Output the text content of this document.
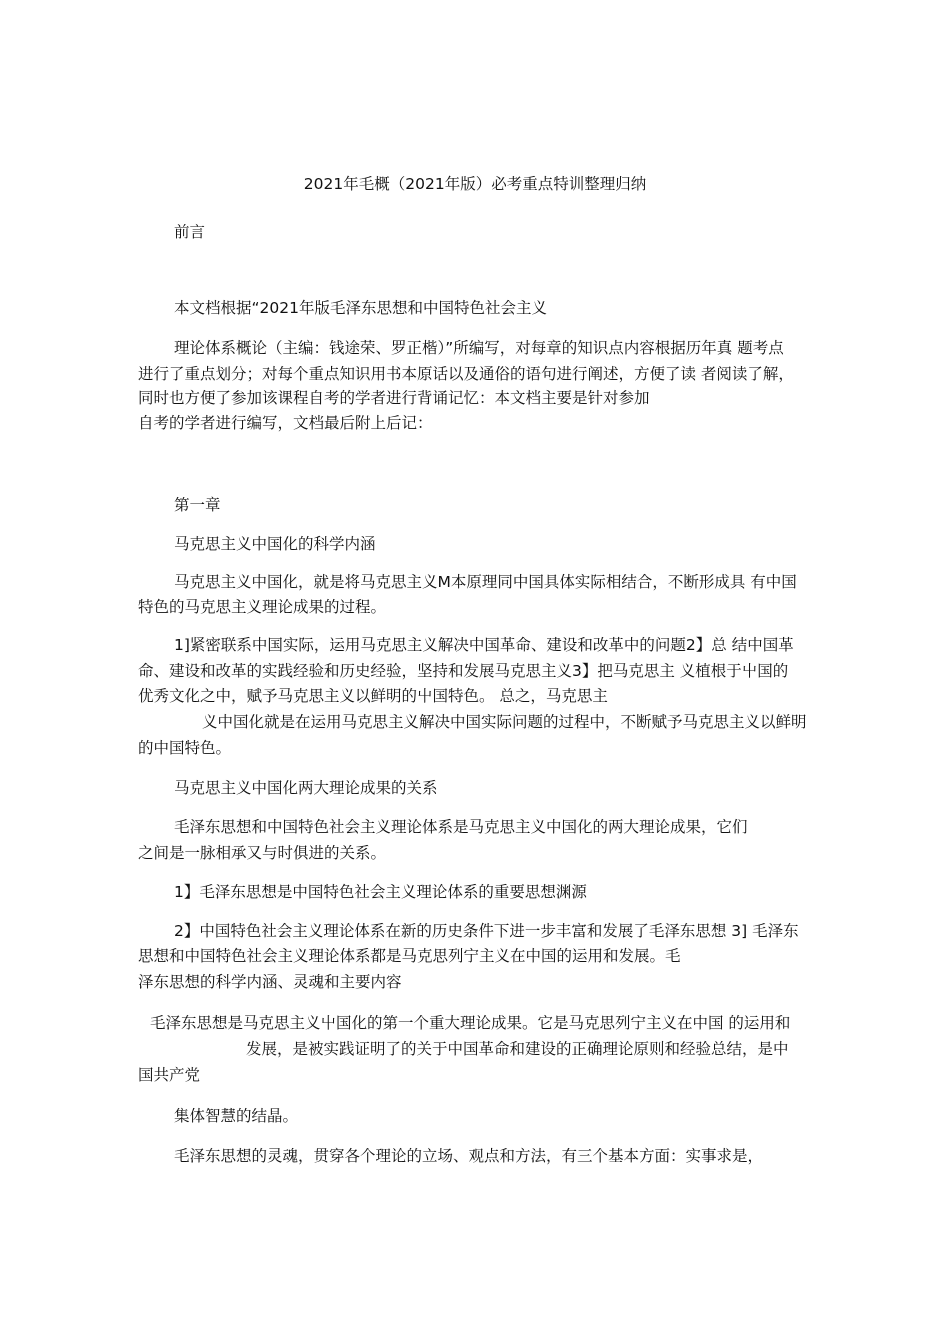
2021年毛概（2021年版）必考重点特训整理归纳
前言
本文档根据“2021年版毛泽东思想和中国特色社会主义
理论体系概论（主编：钱途荣、罗正楷）”所编写，对每章的知识点内容根据历年真 题考点
进行了重点划分；对每个重点知识用书本原话以及通俗的语句进行阐述，方便了读 者阅读了解，
同时也方便了参加该课程自考的学者进行背诵记忆：本文档主要是针对参加
自考的学者进行编写，文档最后附上后记：
第一章
马克思主义中国化的科学内涵
马克思主义中国化，就是将马克思主义M本原理同中国具体实际相结合，不断形成具 有中国
特色的马克思主义理论成果的过程。
1]紧密联系中国实际，运用马克思主义解决中国革命、建设和改革中的问题2】总 结中国革
命、建设和改革的实践经验和历史经验，坚持和发展马克思主义3】把马克思主 义植根于屮国的
优秀文化之中，赋予马克思主义以鲜明的屮国特色。 总之，马克思主
义中国化就是在运用马克思主义解决中国实际问题的过程中，不断赋予马克思主义以鲜明
的中国特色。
马克思主义中国化两大理论成果的关系
毛泽东思想和中国特色社会主义理论体系是马克思主义中国化的两大理论成果，它们
之间是一脉相承又与时俱进的关系。
1】毛泽东思想是中国特色社会主义理论体系的重要思想渊源
2】中国特色社会主义理论体系在新的历史条件下进一步丰富和发展了毛泽东思想 3] 毛泽东
思想和中国特色社会主义理论体系都是马克思列宁主义在中国的运用和发展。毛
泽东思想的科学内涵、灵魂和主要内容
毛泽东思想是马克思主义屮国化的第一个重大理论成果。它是马克思列宁主义在中国 的运用和
发展，是被实践证明了的关于中国革命和建设的正确理论原则和经验总结，是中
国共产党
集体智慧的结晶。
毛泽东思想的灵魂，贯穿各个理论的立场、观点和方法，有三个基本方面：实事求是，
